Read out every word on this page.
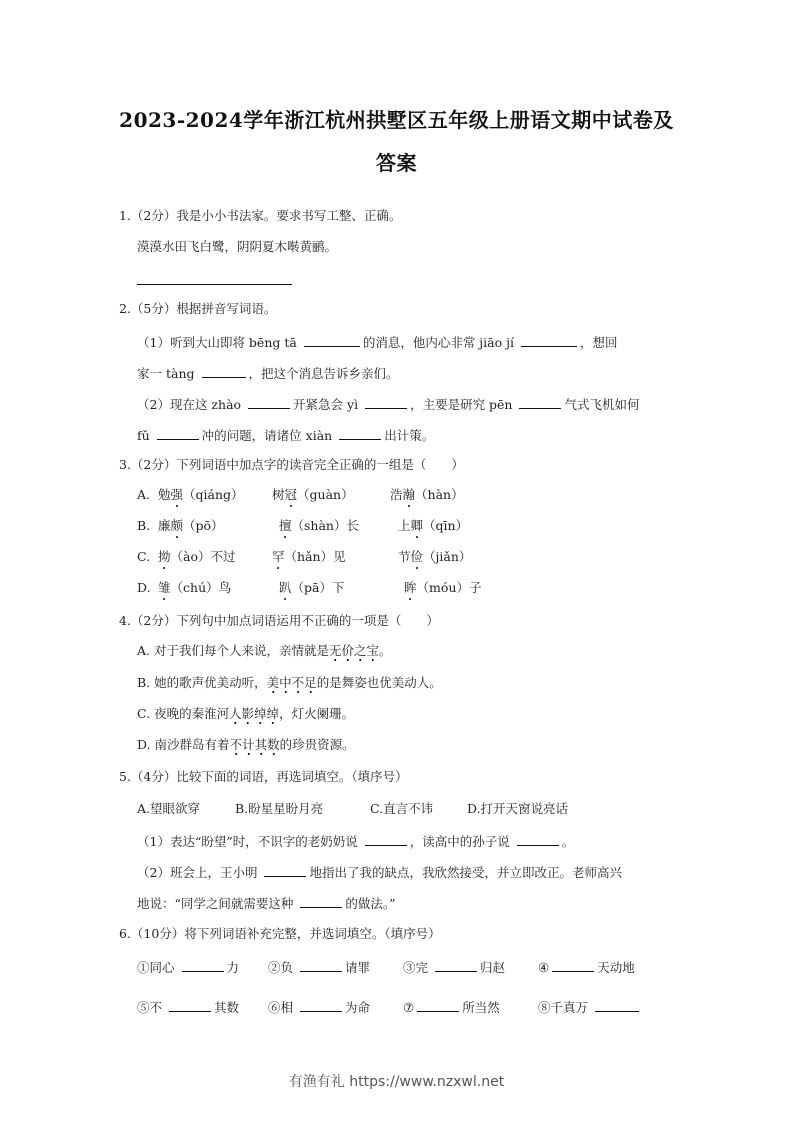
2023-2024学年浙江杭州拱墅区五年级上册语文期中试卷及
答案
1.（2分）我是小小书法家。要求书写工整、正确。
漠漠水田飞白鹭，阴阴夏木啭黄鹂。
2.（5分）根据拼音写词语。
（1）听到大山即将 bēng tā	的消息，他内心非常 jiāo jí	，想回
家一 tàng	，把这个消息告诉乡亲们。
（2）现在这 zhào	开紧急会 yì	，主要是研究 pēn	气式飞机如何
fǔ	冲的问题，请诸位 xiàn	出计策。
3.（2分）下列词语中加点字的读音完全正确的一组是（　　）
A. 勉强（qiáng） 树冠（guàn）	浩瀚（hàn）
B. 廉颇（pō）	擅（shàn）长	上卿（qīn）
C. 拗（ào）不过	罕（hǎn）见	节俭（jiǎn）
D. 雏（chú）鸟	趴（pā）下	眸（móu）子
4.（2分）下列句中加点词语运用不正确的一项是（　　）
A. 对于我们每个人来说，亲情就是无价之宝。
B. 她的歌声优美动听，美中不足的是舞姿也优美动人。
C. 夜晚的秦淮河人影绰绰，灯火阑珊。
D. 南沙群岛有着不计其数的珍贵资源。
5.（4分）比较下面的词语，再选词填空。（填序号）
A.望眼欲穿	B.盼星星盼月亮	C.直言不讳	D.打开天窗说亮话
（1）表达“盼望”时，不识字的老奶奶说	，读高中的孙子说	。
（2）班会上，王小明	地指出了我的缺点，我欣然接受，并立即改正。老师高兴
地说：“同学之间就需要这种	的做法。”
6.（10分）将下列词语补充完整，并选词填空。（填序号）
①同心	力 ②负	请罪	③完	归赵	④	天动地
⑤不	其数 ⑥相	为命	⑦	所当然	⑧千真万
有渔有礼 https://www.nzxwl.net
